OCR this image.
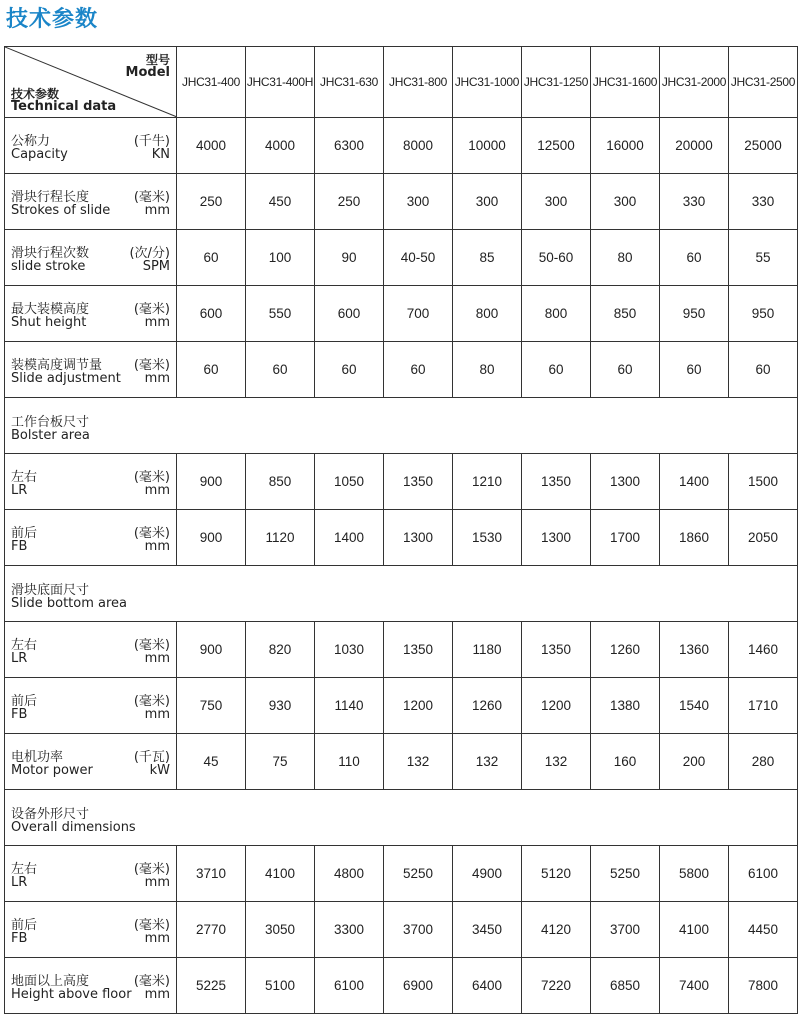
技术参数
型号
Model
技术参数
Technical data	JHC31-400	JHC31-400H	JHC31-630	JHC31-800	JHC31-1000	JHC31-1250	JHC31-1600	JHC31-2000	JHC31-2500

公称力
Capacity
(千牛)
KN	4000	4000	6300	8000	10000	12500	16000	20000	25000

滑块行程长度
Strokes of slide
(毫米)
mm	250	450	250	300	300	300	300	330	330

滑块行程次数
slide stroke
(次/分)
SPM	60	100	90	40-50	85	50-60	80	60	55

最大装模高度
Shut height
(毫米)
mm	600	550	600	700	800	800	850	950	950

装模高度调节量
Slide adjustment
(毫米)
mm	60	60	60	60	80	60	60	60	60

工作台板尺寸
Bolster area									

左右
LR
(毫米)
mm	900	850	1050	1350	1210	1350	1300	1400	1500

前后
FB
(毫米)
mm	900	1120	1400	1300	1530	1300	1700	1860	2050

滑块底面尺寸
Slide bottom area									

左右
LR
(毫米)
mm	900	820	1030	1350	1180	1350	1260	1360	1460

前后
FB
(毫米)
mm	750	930	1140	1200	1260	1200	1380	1540	1710

电机功率
Motor power
(千瓦)
kW	45	75	110	132	132	132	160	200	280

设备外形尺寸
Overall dimensions									

左右
LR
(毫米)
mm	3710	4100	4800	5250	4900	5120	5250	5800	6100

前后
FB
(毫米)
mm	2770	3050	3300	3700	3450	4120	3700	4100	4450

地面以上高度
Height above floor
(毫米)
mm	5225	5100	6100	6900	6400	7220	6850	7400	7800
